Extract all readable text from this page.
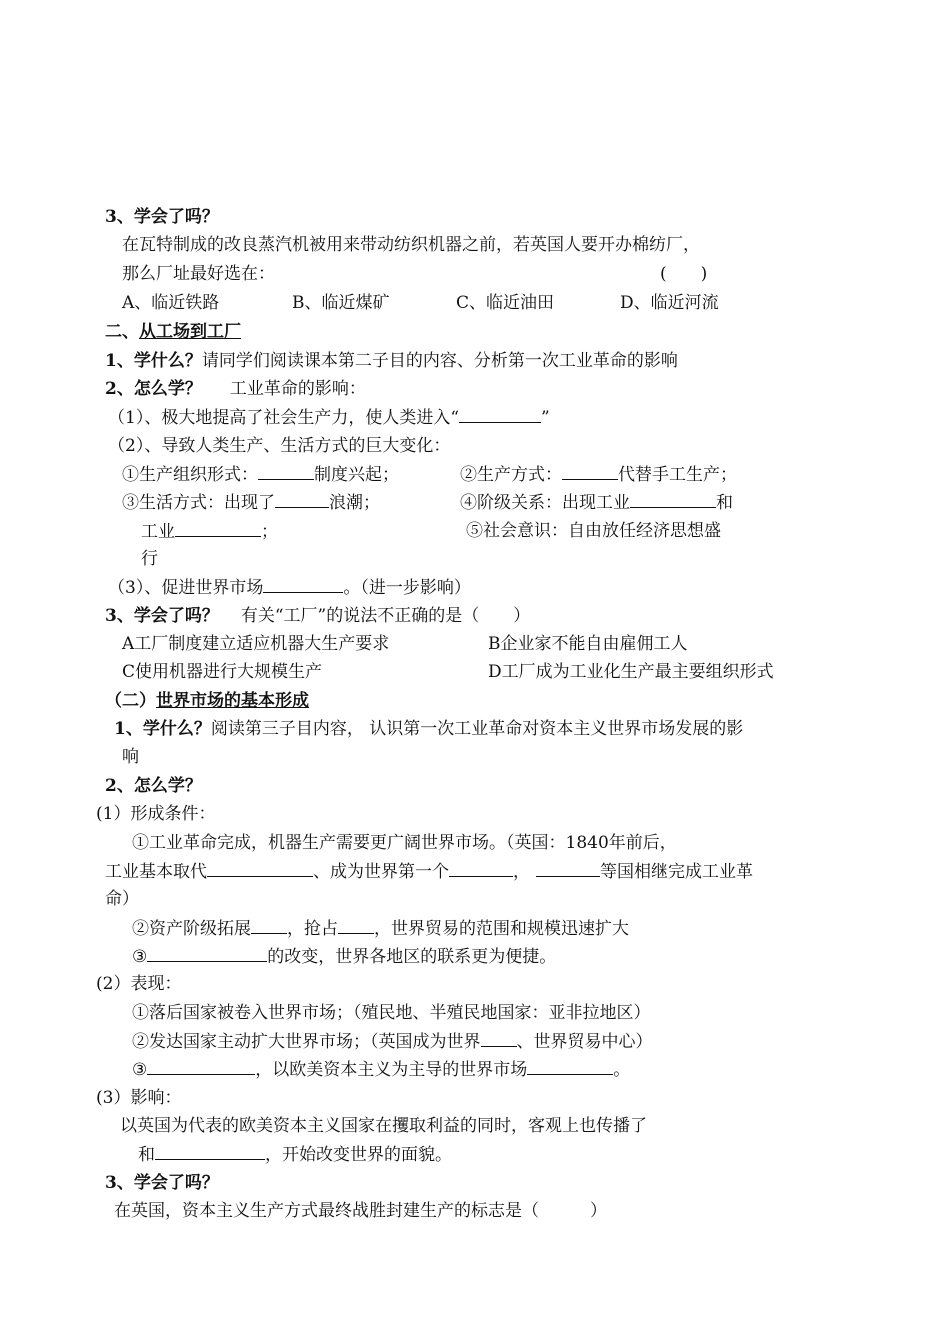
3、学会了吗？
在瓦特制成的改良蒸汽机被用来带动纺织机器之前，若英国人要开办棉纺厂，
那么厂址最好选在：	(　　)
A、临近铁路	B、临近煤矿	C、临近油田	D、临近河流
二、从工场到工厂
1、学什么？请同学们阅读课本第二子目的内容、分析第一次工业革命的影响
2、怎么学？ 工业革命的影响：
（1）、极大地提高了社会生产力，使人类进入“	”
（2）、导致人类生产、生活方式的巨大变化：
①生产组织形式：	制度兴起；	②生产方式：	代替手工生产；
③生活方式：出现了	浪潮；	④阶级关系：出现工业	和
工业	；	⑤社会意识：自由放任经济思想盛
行
（3）、促进世界市场	。（进一步影响）
3、学会了吗？ 有关“工厂”的说法不正确的是（　　）
A工厂制度建立适应机器大生产要求	B企业家不能自由雇佣工人
C使用机器进行大规模生产	D工厂成为工业化生产最主要组织形式
（二）世界市场的基本形成
1、学什么？阅读第三子目内容， 认识第一次工业革命对资本主义世界市场发展的影
响
2、怎么学？
(1）形成条件：
①工业革命完成，机器生产需要更广阔世界市场。（英国：1840年前后，
工业基本取代	、成为世界第一个	，	等国相继完成工业革
命）
②资产阶级拓展 ，抢占 ，世界贸易的范围和规模迅速扩大
③	的改变，世界各地区的联系更为便捷。
(2）表现：
①落后国家被卷入世界市场；（殖民地、半殖民地国家：亚非拉地区）
②发达国家主动扩大世界市场；（英国成为世界 、世界贸易中心）
③	，以欧美资本主义为主导的世界市场	。
(3）影响：
以英国为代表的欧美资本主义国家在攫取利益的同时，客观上也传播了
和	，开始改变世界的面貌。
3、学会了吗？
在英国，资本主义生产方式最终战胜封建生产的标志是（　　　）
